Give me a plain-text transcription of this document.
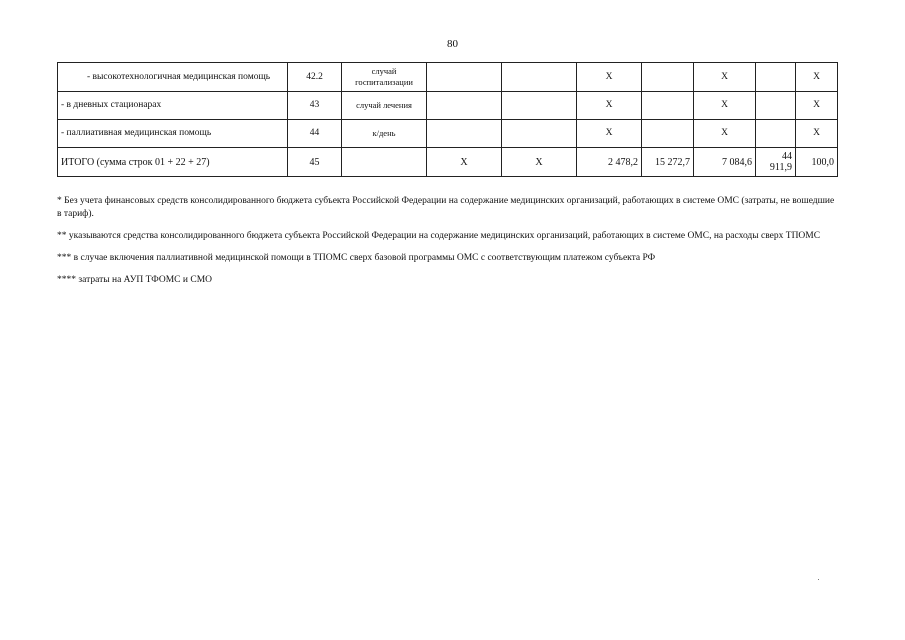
80
- высокотехнологичная медицинская помощь	42.2	случай госпитализации			X		X		X
- в дневных стационарах	43	случай лечения			X		X		X
- паллиативная медицинская помощь	44	к/день			X		X		X
ИТОГО (сумма строк 01 + 22 + 27)	45		X	X	2 478,2	15 272,7	7 084,6	44 911,9	100,0

* Без учета финансовых средств консолидированного бюджета субъекта Российской Федерации на содержание медицинских организаций, работающих в системе ОМС (затраты, не вошедшие в тариф).

** указываются средства консолидированного бюджета субъекта Российской Федерации на содержание медицинских организаций, работающих в системе ОМС, на расходы сверх ТПОМС

*** в случае включения паллиативной медицинской помощи в ТПОМС сверх базовой программы ОМС с соответствующим платежом субъекта РФ

**** затраты на АУП ТФОМС и СМО
